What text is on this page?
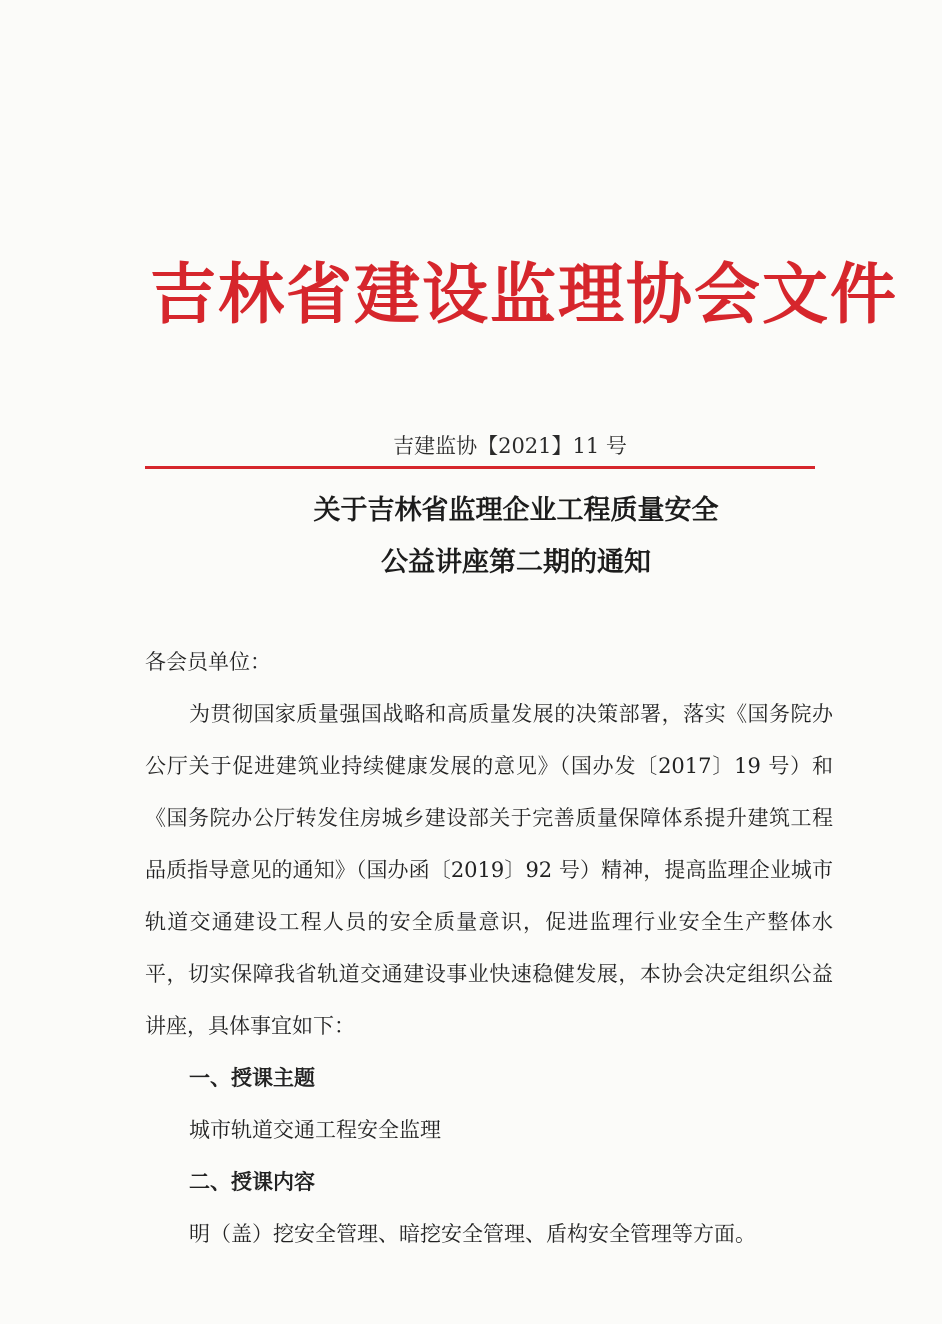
吉林省建设监理协会文件
吉建监协【2021】11 号
关于吉林省监理企业工程质量安全
公益讲座第二期的通知

各会员单位：

为贯彻国家质量强国战略和高质量发展的决策部署，落实《国务院办公厅关于促进建筑业持续健康发展的意见》（国办发〔2017〕19 号）和《国务院办公厅转发住房城乡建设部关于完善质量保障体系提升建筑工程品质指导意见的通知》（国办函〔2019〕92 号）精神，提高监理企业城市轨道交通建设工程人员的安全质量意识，促进监理行业安全生产整体水平，切实保障我省轨道交通建设事业快速稳健发展，本协会决定组织公益讲座，具体事宜如下：

一、授课主题

城市轨道交通工程安全监理

二、授课内容

明（盖）挖安全管理、暗挖安全管理、盾构安全管理等方面。
